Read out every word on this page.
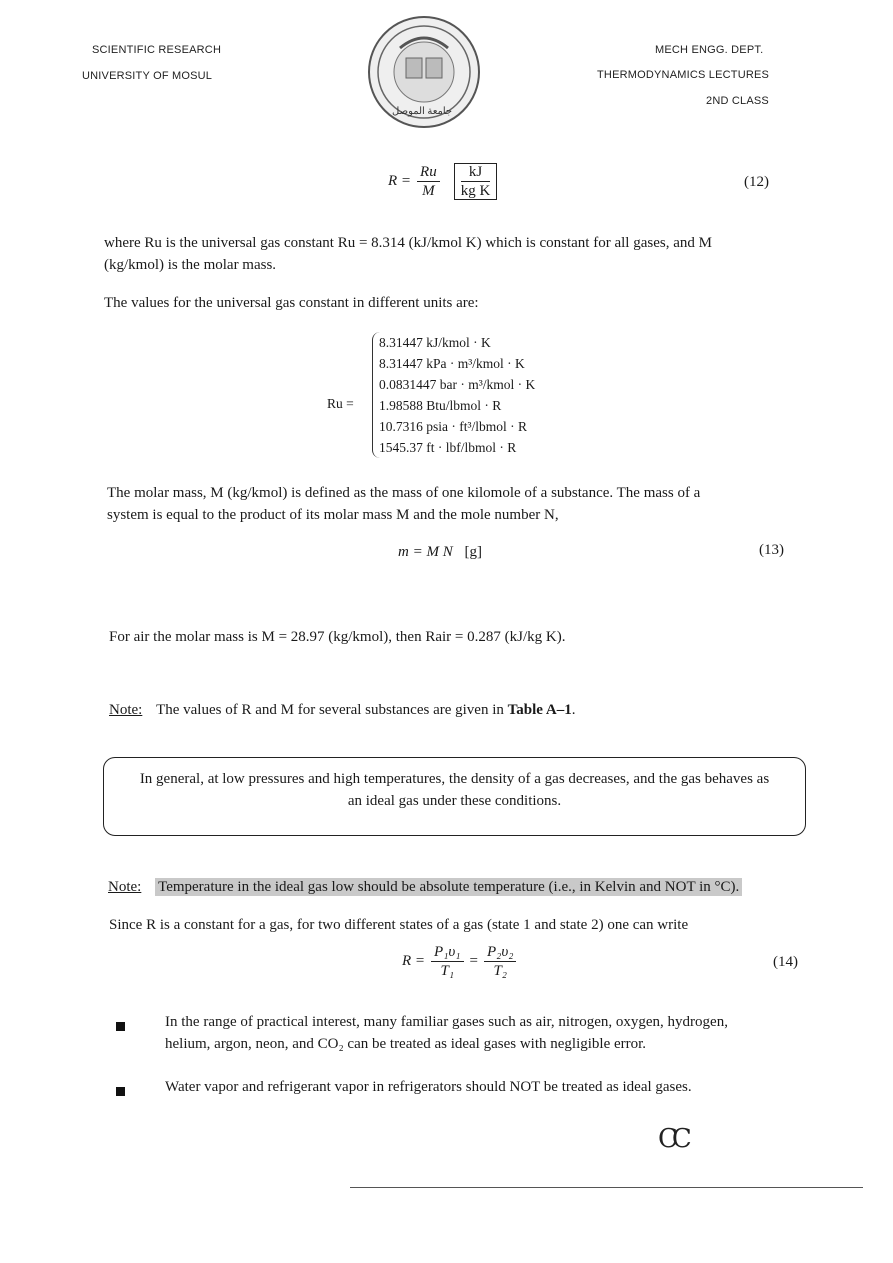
SCIENTIFIC RESEARCH
UNIVERSITY OF MOSUL
MECH ENGG. DEPT.
THERMODYNAMICS LECTURES
2ND CLASS
جامعة الموصل
$R = \frac{Ru}{M} \frac{kJ}{\text{kg K}}$	(12)
where Ru is the universal gas constant Ru = 8.314 (kJ/kmol K) which is constant for all gases, and M
(kg/kmol) is the molar mass.
The values for the universal gas constant in different units are:
Ru =
8.31447 kJ/kmol · K
8.31447 kPa · m³/kmol · K
0.0831447 bar · m³/kmol · K
1.98588 Btu/lbmol · R
10.7316 psia · ft³/lbmol · R
1545.37 ft · lbf/lbmol · R
The molar mass, M (kg/kmol) is defined as the mass of one kilomole of a substance. The mass of a
system is equal to the product of its molar mass M and the mole number N,
m = M N [g]	(13)
For air the molar mass is M = 28.97 (kg/kmol), then Rair = 0.287 (kJ/kg K).
Note: The values of R and M for several substances are given in Table A–1.
In general, at low pressures and high temperatures, the density of a gas decreases, and the gas behaves as
an ideal gas under these conditions.
Note: Temperature in the ideal gas low should be absolute temperature (i.e., in Kelvin and NOT in °C).
Since R is a constant for a gas, for two different states of a gas (state 1 and state 2) one can write
$R = \frac{\text{P₁υ₁}}{\text{T₁}} = \frac{\text{P₂υ₂}}{\text{T₂}}$	(14)
In the range of practical interest, many familiar gases such as air, nitrogen, oxygen, hydrogen,
helium, argon, neon, and CO₂ can be treated as ideal gases with negligible error.
Water vapor and refrigerant vapor in refrigerators should NOT be treated as ideal gases.
CC
